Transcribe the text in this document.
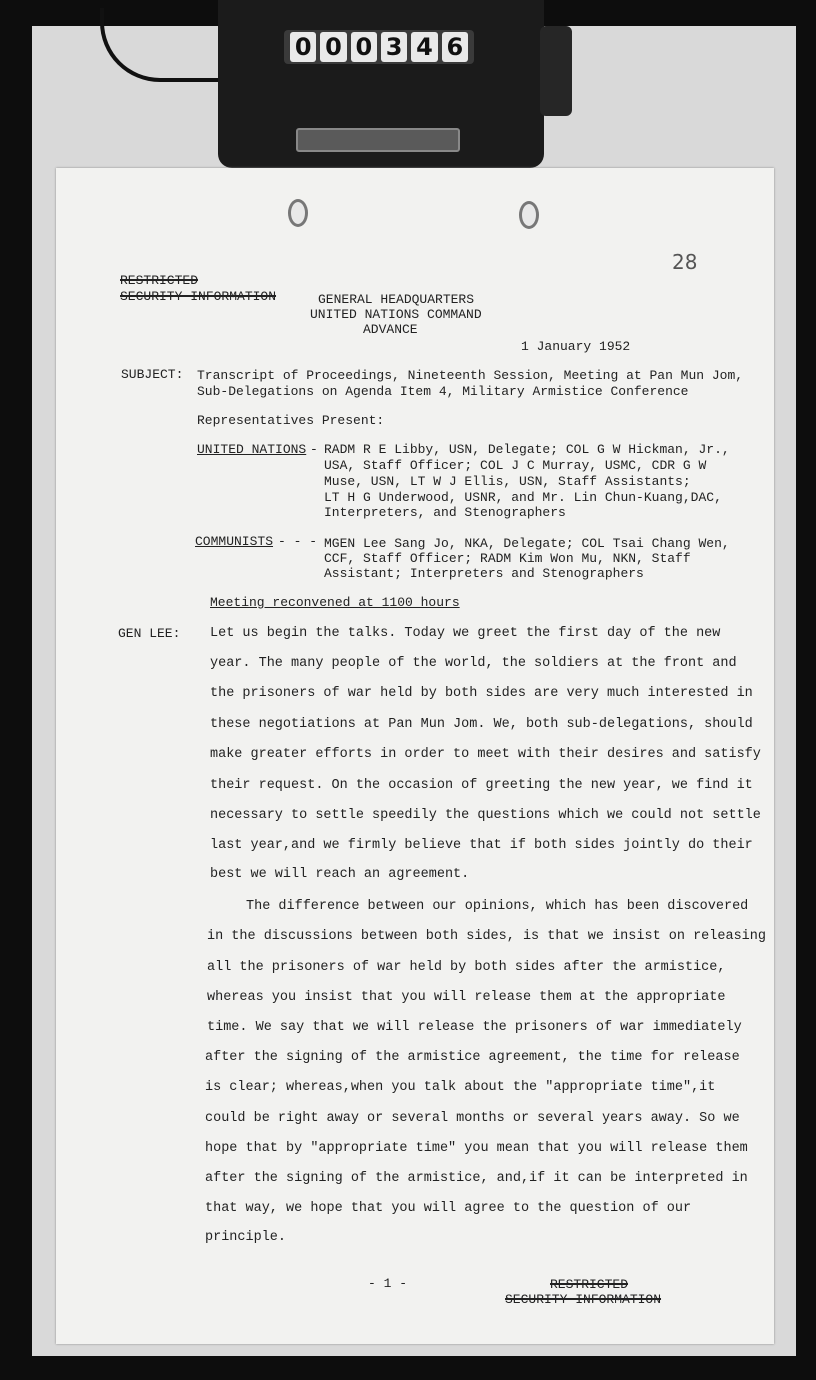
0 0 0 3 4 6
28
RESTRICTED
SECURITY INFORMATION	GENERAL HEADQUARTERS
UNITED NATIONS COMMAND
ADVANCE
1 January 1952
SUBJECT: Transcript of Proceedings, Nineteenth Session, Meeting at Pan Mun Jom,
Sub-Delegations on Agenda Item 4, Military Armistice Conference
Representatives Present:
UNITED NATIONS - RADM R E Libby, USN, Delegate; COL G W Hickman, Jr.,
USA, Staff Officer; COL J C Murray, USMC, CDR G W
Muse, USN, LT W J Ellis, USN, Staff Assistants;
LT H G Underwood, USNR, and Mr. Lin Chun-Kuang,DAC,
Interpreters, and Stenographers
COMMUNISTS - - - MGEN Lee Sang Jo, NKA, Delegate; COL Tsai Chang Wen,
CCF, Staff Officer; RADM Kim Won Mu, NKN, Staff
Assistant; Interpreters and Stenographers
Meeting reconvened at 1100 hours
GEN LEE: Let us begin the talks. Today we greet the first day of the new
year. The many people of the world, the soldiers at the front and
the prisoners of war held by both sides are very much interested in
these negotiations at Pan Mun Jom. We, both sub-delegations, should
make greater efforts in order to meet with their desires and satisfy
their request. On the occasion of greeting the new year, we find it
necessary to settle speedily the questions which we could not settle
last year,and we firmly believe that if both sides jointly do their
best we will reach an agreement.
The difference between our opinions, which has been discovered
in the discussions between both sides, is that we insist on releasing
all the prisoners of war held by both sides after the armistice,
whereas you insist that you will release them at the appropriate
time. We say that we will release the prisoners of war immediately
after the signing of the armistice agreement, the time for release
is clear; whereas,when you talk about the "appropriate time",it
could be right away or several months or several years away. So we
hope that by "appropriate time" you mean that you will release them
after the signing of the armistice, and,if it can be interpreted in
that way, we hope that you will agree to the question of our
principle.
- 1 -	RESTRICTED
SECURITY INFORMATION
